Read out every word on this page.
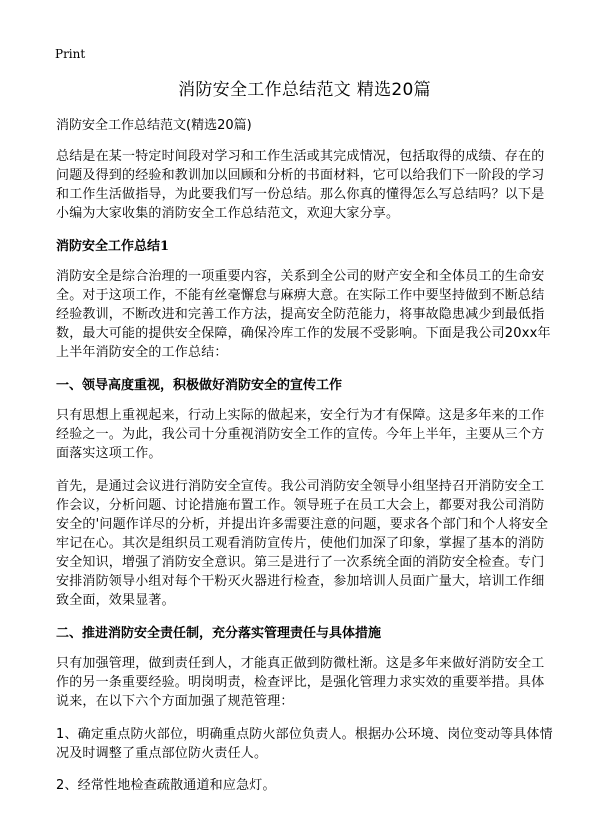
Print
消防安全工作总结范文 精选20篇

消防安全工作总结范文(精选20篇)

总结是在某一特定时间段对学习和工作生活或其完成情况，包括取得的成绩、存在的问题及得到的经验和教训加以回顾和分析的书面材料，它可以给我们下一阶段的学习和工作生活做指导，为此要我们写一份总结。那么你真的懂得怎么写总结吗？以下是小编为大家收集的消防安全工作总结范文，欢迎大家分享。

消防安全工作总结1

消防安全是综合治理的一项重要内容，关系到全公司的财产安全和全体员工的生命安全。对于这项工作，不能有丝毫懈怠与麻痹大意。在实际工作中要坚持做到不断总结经验教训，不断改进和完善工作方法，提高安全防范能力，将事故隐患减少到最低指数，最大可能的提供安全保障，确保冷库工作的发展不受影响。下面是我公司20xx年上半年消防安全的工作总结：

一、领导高度重视，积极做好消防安全的宣传工作

只有思想上重视起来，行动上实际的做起来，安全行为才有保障。这是多年来的工作经验之一。为此，我公司十分重视消防安全工作的宣传。今年上半年，主要从三个方面落实这项工作。

首先，是通过会议进行消防安全宣传。我公司消防安全领导小组坚持召开消防安全工作会议，分析问题、讨论措施布置工作。领导班子在员工大会上，都要对我公司消防安全的'问题作详尽的分析，并提出许多需要注意的问题，要求各个部门和个人将安全牢记在心。其次是组织员工观看消防宣传片，使他们加深了印象，掌握了基本的消防安全知识，增强了消防安全意识。第三是进行了一次系统全面的消防安全检查。专门安排消防领导小组对每个干粉灭火器进行检查，参加培训人员面广量大，培训工作细致全面，效果显著。

二、推进消防安全责任制，充分落实管理责任与具体措施

只有加强管理，做到责任到人，才能真正做到防微杜渐。这是多年来做好消防安全工作的另一条重要经验。明岗明责，检查评比，是强化管理力求实效的重要举措。具体说来，在以下六个方面加强了规范管理：

1、确定重点防火部位，明确重点防火部位负责人。根据办公环境、岗位变动等具体情况及时调整了重点部位防火责任人。

2、经常性地检查疏散通道和应急灯。
